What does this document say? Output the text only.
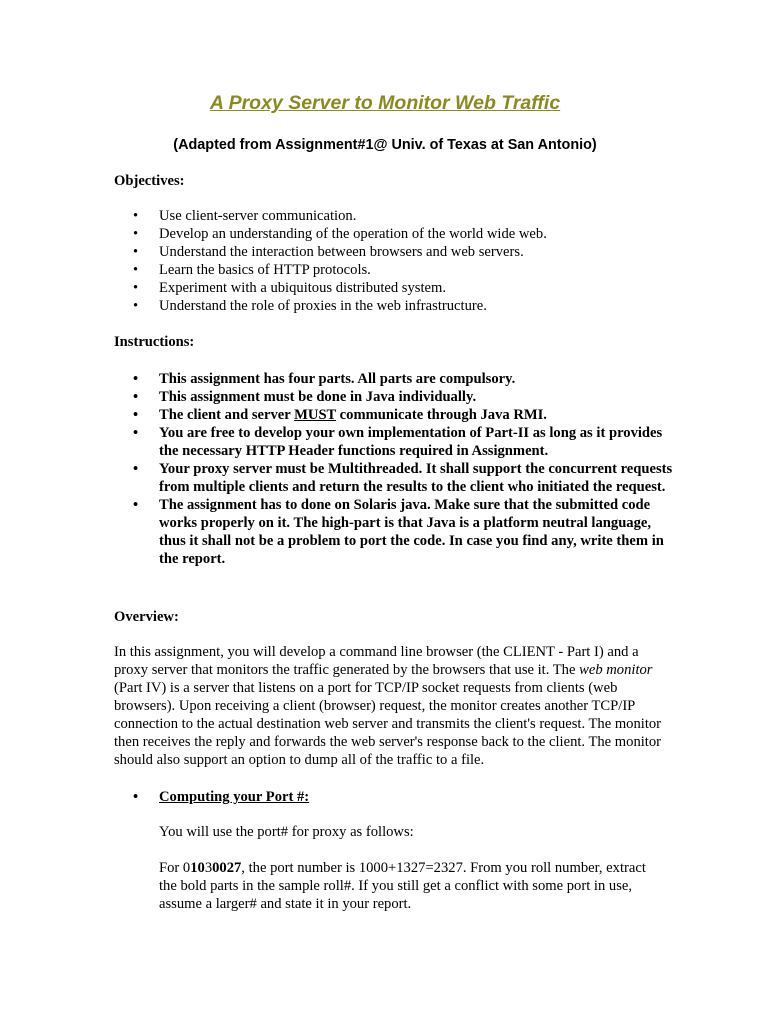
A Proxy Server to Monitor Web Traffic
(Adapted from Assignment#1@ Univ. of Texas at San Antonio)
Objectives:
• Use client-server communication.
• Develop an understanding of the operation of the world wide web.
• Understand the interaction between browsers and web servers.
• Learn the basics of HTTP protocols.
• Experiment with a ubiquitous distributed system.
• Understand the role of proxies in the web infrastructure.
Instructions:
• This assignment has four parts. All parts are compulsory.
• This assignment must be done in Java individually.
• The client and server MUST communicate through Java RMI.
• You are free to develop your own implementation of Part-II as long as it provides the necessary HTTP Header functions required in Assignment.
• Your proxy server must be Multithreaded. It shall support the concurrent requests from multiple clients and return the results to the client who initiated the request.
• The assignment has to done on Solaris java. Make sure that the submitted code works properly on it. The high-part is that Java is a platform neutral language, thus it shall not be a problem to port the code. In case you find any, write them in the report.
Overview:
In this assignment, you will develop a command line browser (the CLIENT - Part I) and a proxy server that monitors the traffic generated by the browsers that use it. The web monitor (Part IV) is a server that listens on a port for TCP/IP socket requests from clients (web browsers). Upon receiving a client (browser) request, the monitor creates another TCP/IP connection to the actual destination web server and transmits the client's request. The monitor then receives the reply and forwards the web server's response back to the client. The monitor should also support an option to dump all of the traffic to a file.
• Computing your Port #:
You will use the port# for proxy as follows:
For 01030027, the port number is 1000+1327=2327. From you roll number, extract the bold parts in the sample roll#. If you still get a conflict with some port in use, assume a larger# and state it in your report.
